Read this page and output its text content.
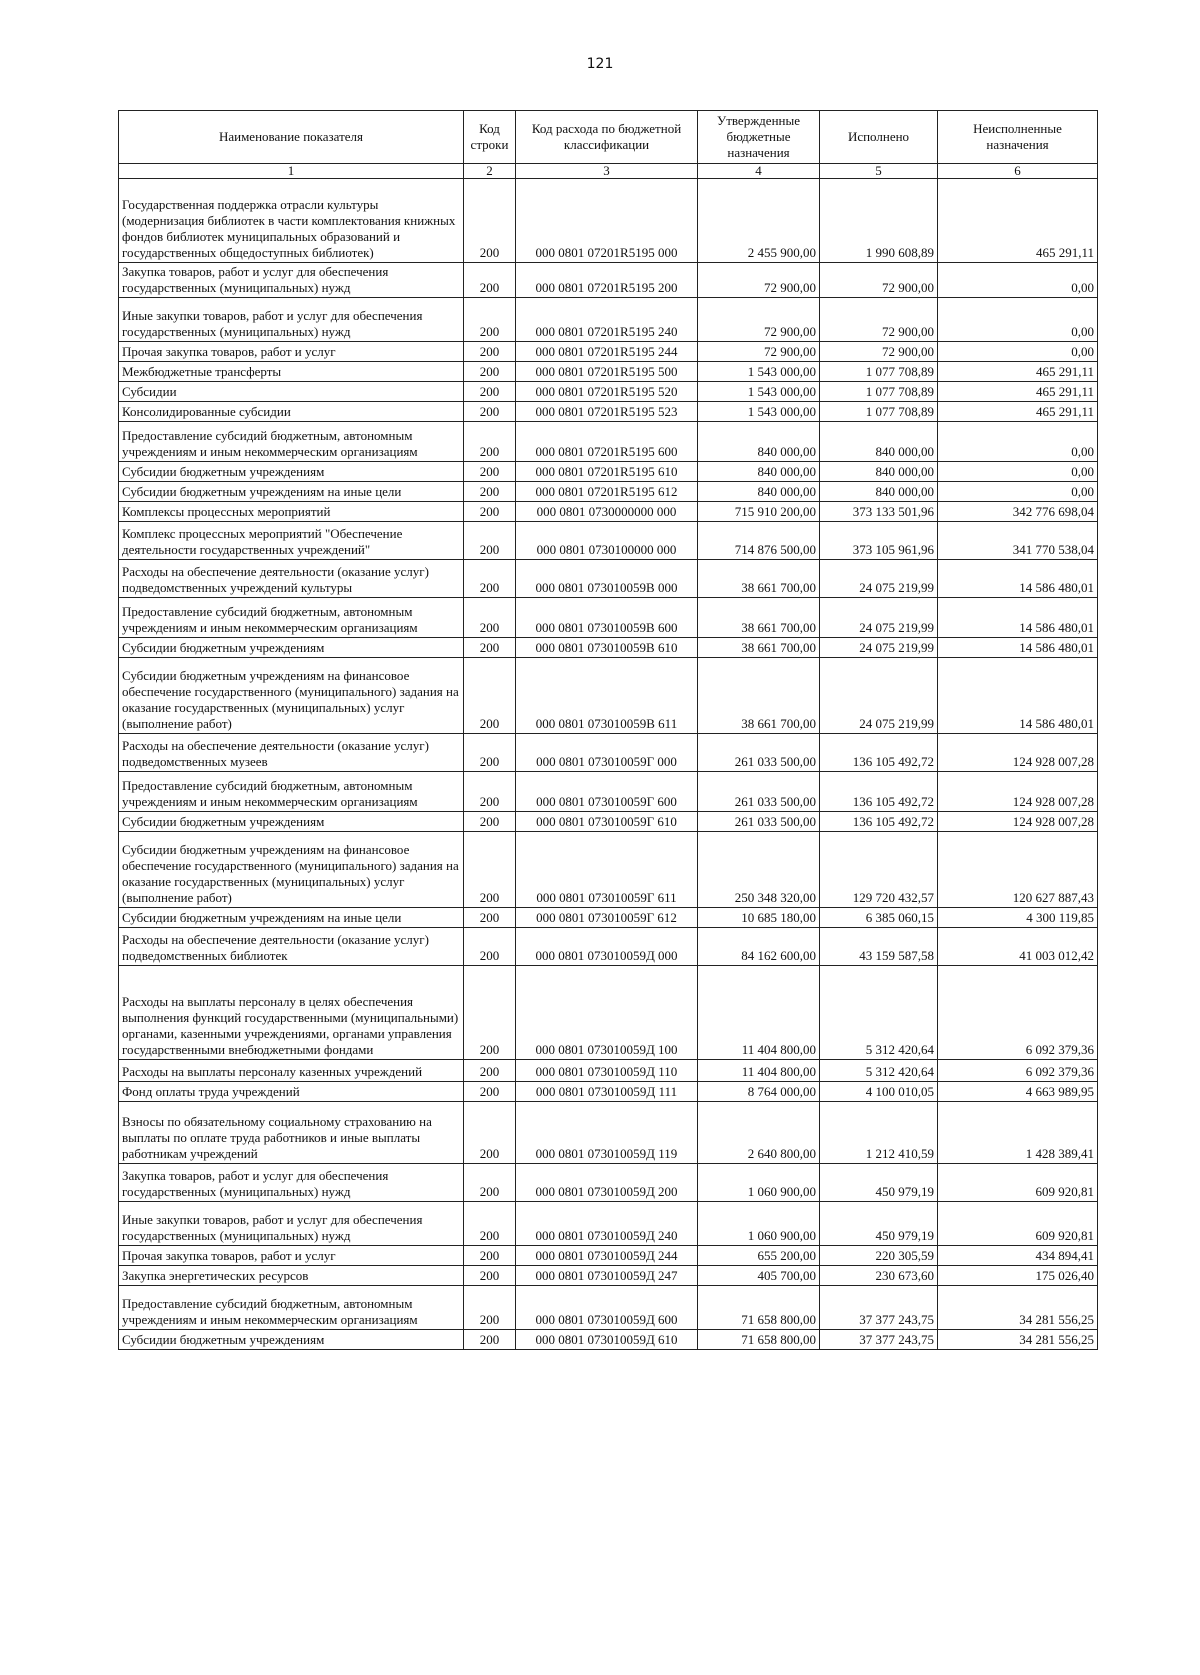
121
Наименование показателя	Код строки	Код расхода по бюджетной классификации	Утвержденные бюджетные назначения	Исполнено	Неисполненные назначения
1	2	3	4	5	6
Государственная поддержка отрасли культуры (модернизация библиотек в части комплектования книжных фондов библиотек муниципальных образований и государственных общедоступных библиотек)	200	000 0801 07201R5195 000	2 455 900,00	1 990 608,89	465 291,11
Закупка товаров, работ и услуг для обеспечения государственных (муниципальных) нужд	200	000 0801 07201R5195 200	72 900,00	72 900,00	0,00
Иные закупки товаров, работ и услуг для обеспечения государственных (муниципальных) нужд	200	000 0801 07201R5195 240	72 900,00	72 900,00	0,00
Прочая закупка товаров, работ и услуг	200	000 0801 07201R5195 244	72 900,00	72 900,00	0,00
Межбюджетные трансферты	200	000 0801 07201R5195 500	1 543 000,00	1 077 708,89	465 291,11
Субсидии	200	000 0801 07201R5195 520	1 543 000,00	1 077 708,89	465 291,11
Консолидированные субсидии	200	000 0801 07201R5195 523	1 543 000,00	1 077 708,89	465 291,11
Предоставление субсидий бюджетным, автономным учреждениям и иным некоммерческим организациям	200	000 0801 07201R5195 600	840 000,00	840 000,00	0,00
Субсидии бюджетным учреждениям	200	000 0801 07201R5195 610	840 000,00	840 000,00	0,00
Субсидии бюджетным учреждениям на иные цели	200	000 0801 07201R5195 612	840 000,00	840 000,00	0,00
Комплексы процессных мероприятий	200	000 0801 0730000000 000	715 910 200,00	373 133 501,96	342 776 698,04
Комплекс процессных мероприятий "Обеспечение деятельности государственных учреждений"	200	000 0801 0730100000 000	714 876 500,00	373 105 961,96	341 770 538,04
Расходы на обеспечение деятельности (оказание услуг) подведомственных учреждений культуры	200	000 0801 073010059В 000	38 661 700,00	24 075 219,99	14 586 480,01
Предоставление субсидий бюджетным, автономным учреждениям и иным некоммерческим организациям	200	000 0801 073010059В 600	38 661 700,00	24 075 219,99	14 586 480,01
Субсидии бюджетным учреждениям	200	000 0801 073010059В 610	38 661 700,00	24 075 219,99	14 586 480,01
Субсидии бюджетным учреждениям на финансовое обеспечение государственного (муниципального) задания на оказание государственных (муниципальных) услуг (выполнение работ)	200	000 0801 073010059В 611	38 661 700,00	24 075 219,99	14 586 480,01
Расходы на обеспечение деятельности (оказание услуг) подведомственных музеев	200	000 0801 073010059Г 000	261 033 500,00	136 105 492,72	124 928 007,28
Предоставление субсидий бюджетным, автономным учреждениям и иным некоммерческим организациям	200	000 0801 073010059Г 600	261 033 500,00	136 105 492,72	124 928 007,28
Субсидии бюджетным учреждениям	200	000 0801 073010059Г 610	261 033 500,00	136 105 492,72	124 928 007,28
Субсидии бюджетным учреждениям на финансовое обеспечение государственного (муниципального) задания на оказание государственных (муниципальных) услуг (выполнение работ)	200	000 0801 073010059Г 611	250 348 320,00	129 720 432,57	120 627 887,43
Субсидии бюджетным учреждениям на иные цели	200	000 0801 073010059Г 612	10 685 180,00	6 385 060,15	4 300 119,85
Расходы на обеспечение деятельности (оказание услуг) подведомственных библиотек	200	000 0801 073010059Д 000	84 162 600,00	43 159 587,58	41 003 012,42
Расходы на выплаты персоналу в целях обеспечения выполнения функций государственными (муниципальными) органами, казенными учреждениями, органами управления государственными внебюджетными фондами	200	000 0801 073010059Д 100	11 404 800,00	5 312 420,64	6 092 379,36
Расходы на выплаты персоналу казенных учреждений	200	000 0801 073010059Д 110	11 404 800,00	5 312 420,64	6 092 379,36
Фонд оплаты труда учреждений	200	000 0801 073010059Д 111	8 764 000,00	4 100 010,05	4 663 989,95
Взносы по обязательному социальному страхованию на выплаты по оплате труда работников и иные выплаты работникам учреждений	200	000 0801 073010059Д 119	2 640 800,00	1 212 410,59	1 428 389,41
Закупка товаров, работ и услуг для обеспечения государственных (муниципальных) нужд	200	000 0801 073010059Д 200	1 060 900,00	450 979,19	609 920,81
Иные закупки товаров, работ и услуг для обеспечения государственных (муниципальных) нужд	200	000 0801 073010059Д 240	1 060 900,00	450 979,19	609 920,81
Прочая закупка товаров, работ и услуг	200	000 0801 073010059Д 244	655 200,00	220 305,59	434 894,41
Закупка энергетических ресурсов	200	000 0801 073010059Д 247	405 700,00	230 673,60	175 026,40
Предоставление субсидий бюджетным, автономным учреждениям и иным некоммерческим организациям	200	000 0801 073010059Д 600	71 658 800,00	37 377 243,75	34 281 556,25
Субсидии бюджетным учреждениям	200	000 0801 073010059Д 610	71 658 800,00	37 377 243,75	34 281 556,25
